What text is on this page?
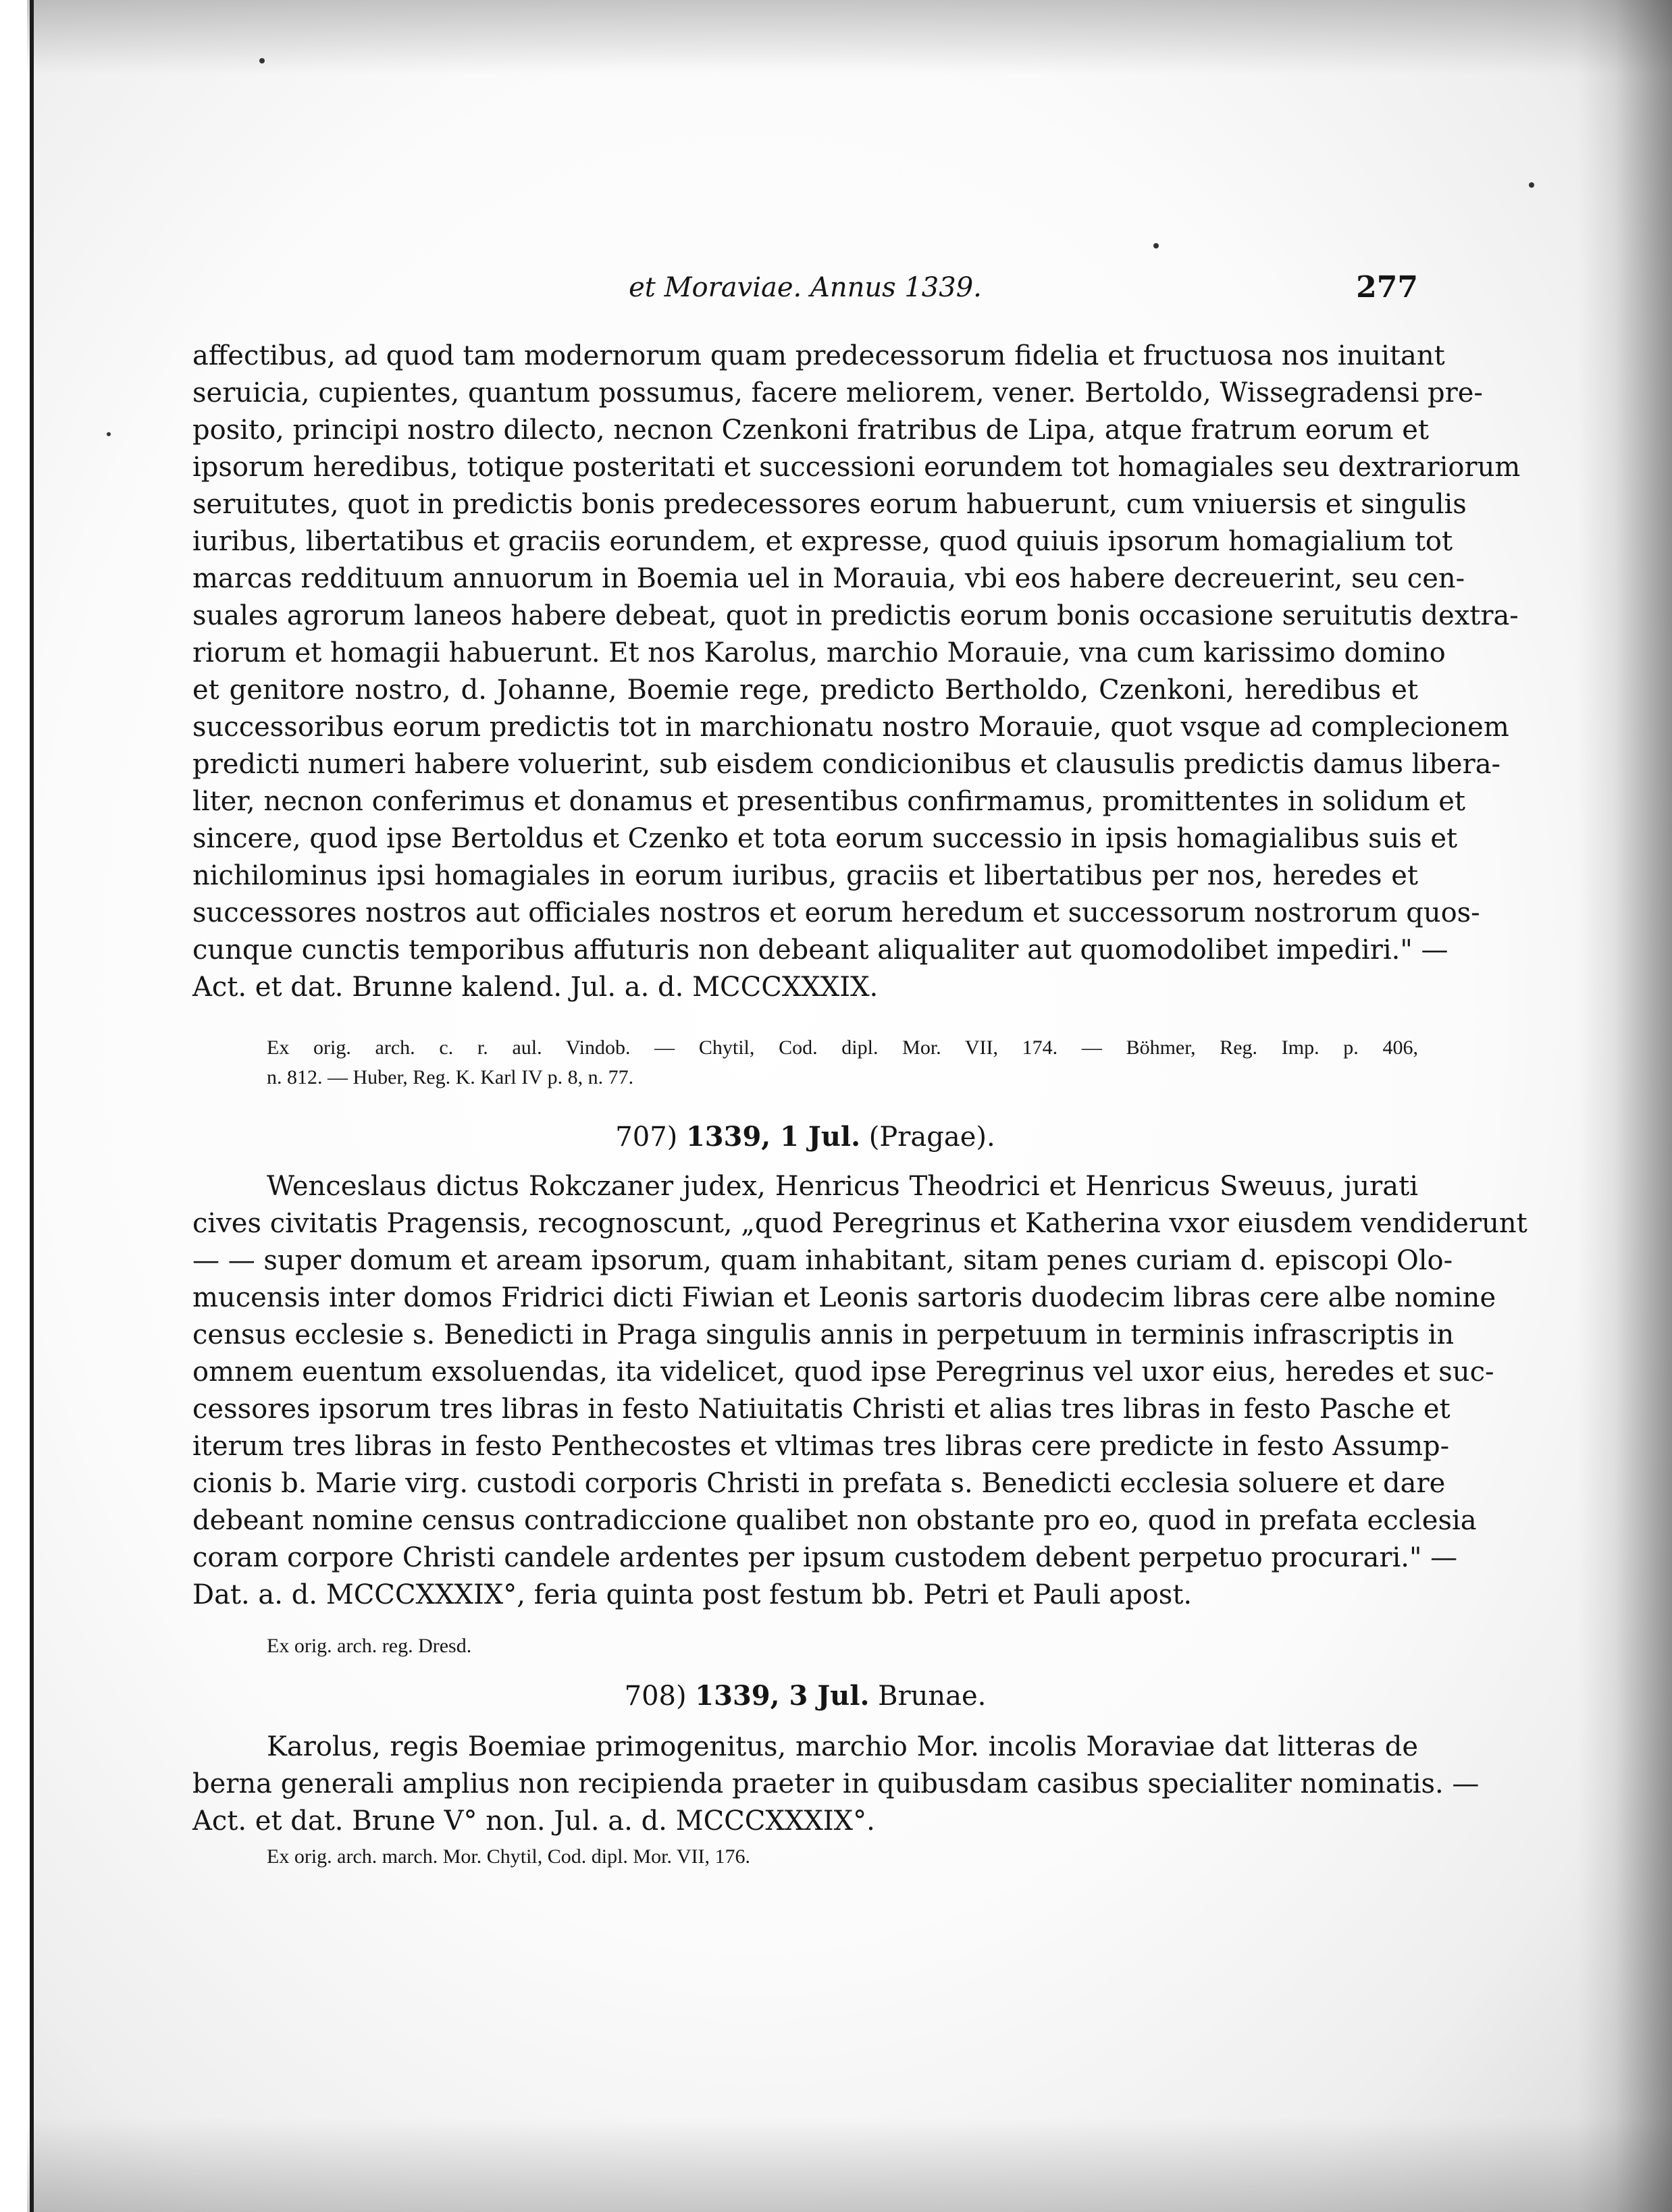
et Moraviae. Annus 1339.	277
affectibus, ad quod tam modernorum quam predecessorum fidelia et fructuosa nos inuitant
seruicia, cupientes, quantum possumus, facere meliorem, vener. Bertoldo, Wissegradensi pre-
posito, principi nostro dilecto, necnon Czenkoni fratribus de Lipa, atque fratrum eorum et
ipsorum heredibus, totique posteritati et successioni eorundem tot homagiales seu dextrariorum
seruitutes, quot in predictis bonis predecessores eorum habuerunt, cum vniuersis et singulis
iuribus, libertatibus et graciis eorundem, et expresse, quod quiuis ipsorum homagialium tot
marcas reddituum annuorum in Boemia uel in Morauia, vbi eos habere decreuerint, seu cen-
suales agrorum laneos habere debeat, quot in predictis eorum bonis occasione seruitutis dextra-
riorum et homagii habuerunt. Et nos Karolus, marchio Morauie, vna cum karissimo domino
et genitore nostro, d. Johanne, Boemie rege, predicto Bertholdo, Czenkoni, heredibus et
successoribus eorum predictis tot in marchionatu nostro Morauie, quot vsque ad complecionem
predicti numeri habere voluerint, sub eisdem condicionibus et clausulis predictis damus libera-
liter, necnon conferimus et donamus et presentibus confirmamus, promittentes in solidum et
sincere, quod ipse Bertoldus et Czenko et tota eorum successio in ipsis homagialibus suis et
nichilominus ipsi homagiales in eorum iuribus, graciis et libertatibus per nos, heredes et
successores nostros aut officiales nostros et eorum heredum et successorum nostrorum quos-
cunque cunctis temporibus affuturis non debeant aliqualiter aut quomodolibet impediri." —
Act. et dat. Brunne kalend. Jul. a. d. MCCCXXXIX.
Ex orig. arch. c. r. aul. Vindob. — Chytil, Cod. dipl. Mor. VII, 174. — Böhmer, Reg. Imp. p. 406,
n. 812. — Huber, Reg. K. Karl IV p. 8, n. 77.
707) 1339, 1 Jul. (Pragae).
Wenceslaus dictus Rokczaner judex, Henricus Theodrici et Henricus Sweuus, jurati
cives civitatis Pragensis, recognoscunt, „quod Peregrinus et Katherina vxor eiusdem vendiderunt
— — super domum et aream ipsorum, quam inhabitant, sitam penes curiam d. episcopi Olo-
mucensis inter domos Fridrici dicti Fiwian et Leonis sartoris duodecim libras cere albe nomine
census ecclesie s. Benedicti in Praga singulis annis in perpetuum in terminis infrascriptis in
omnem euentum exsoluendas, ita videlicet, quod ipse Peregrinus vel uxor eius, heredes et suc-
cessores ipsorum tres libras in festo Natiuitatis Christi et alias tres libras in festo Pasche et
iterum tres libras in festo Penthecostes et vltimas tres libras cere predicte in festo Assump-
cionis b. Marie virg. custodi corporis Christi in prefata s. Benedicti ecclesia soluere et dare
debeant nomine census contradiccione qualibet non obstante pro eo, quod in prefata ecclesia
coram corpore Christi candele ardentes per ipsum custodem debent perpetuo procurari." —
Dat. a. d. MCCCXXXIX°, feria quinta post festum bb. Petri et Pauli apost.
Ex orig. arch. reg. Dresd.
708) 1339, 3 Jul. Brunae.
Karolus, regis Boemiae primogenitus, marchio Mor. incolis Moraviae dat litteras de
berna generali amplius non recipienda praeter in quibusdam casibus specialiter nominatis. —
Act. et dat. Brune V° non. Jul. a. d. MCCCXXXIX°.
Ex orig. arch. march. Mor. Chytil, Cod. dipl. Mor. VII, 176.
